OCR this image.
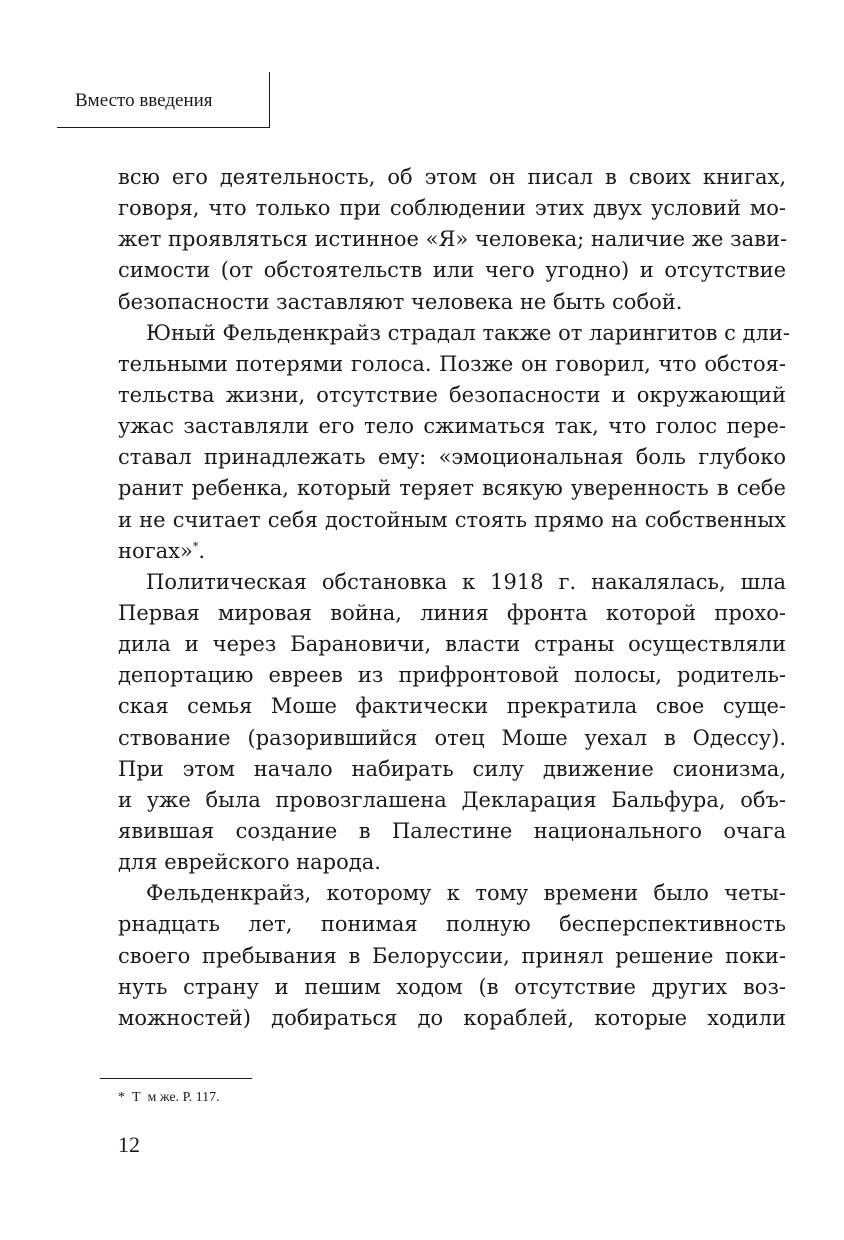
Вместо введения
всю его деятельность, об этом он писал в своих книгах,
говоря, что только при соблюдении этих двух условий мо-
жет проявляться истинное «Я» человека; наличие же зави-
симости (от обстоятельств или чего угодно) и отсутствие
безопасности заставляют человека не быть собой.
Юный Фельденкрайз страдал также от ларингитов с дли-
тельными потерями голоса. Позже он говорил, что обстоя-
тельства жизни, отсутствие безопасности и окружающий
ужас заставляли его тело сжиматься так, что голос пере-
ставал принадлежать ему: «эмоциональная боль глубоко
ранит ребенка, который теряет всякую уверенность в себе
и не считает себя достойным стоять прямо на собственных
ногах»*.
Политическая обстановка к 1918 г. накалялась, шла
Первая мировая война, линия фронта которой прохо-
дила и через Барановичи, власти страны осуществляли
депортацию евреев из прифронтовой полосы, родитель-
ская семья Моше фактически прекратила свое суще-
ствование (разорившийся отец Моше уехал в Одессу).
При этом начало набирать силу движение сионизма,
и уже была провозглашена Декларация Бальфура, объ-
явившая создание в Палестине национального очага
для еврейского народа.
Фельденкрайз, которому к тому времени было четы-
рнадцать лет, понимая полную бесперспективность
своего пребывания в Белоруссии, принял решение поки-
нуть страну и пешим ходом (в отсутствие других воз-
можностей) добираться до кораблей, которые ходили
*  Т  м же. Р. 117.
12
